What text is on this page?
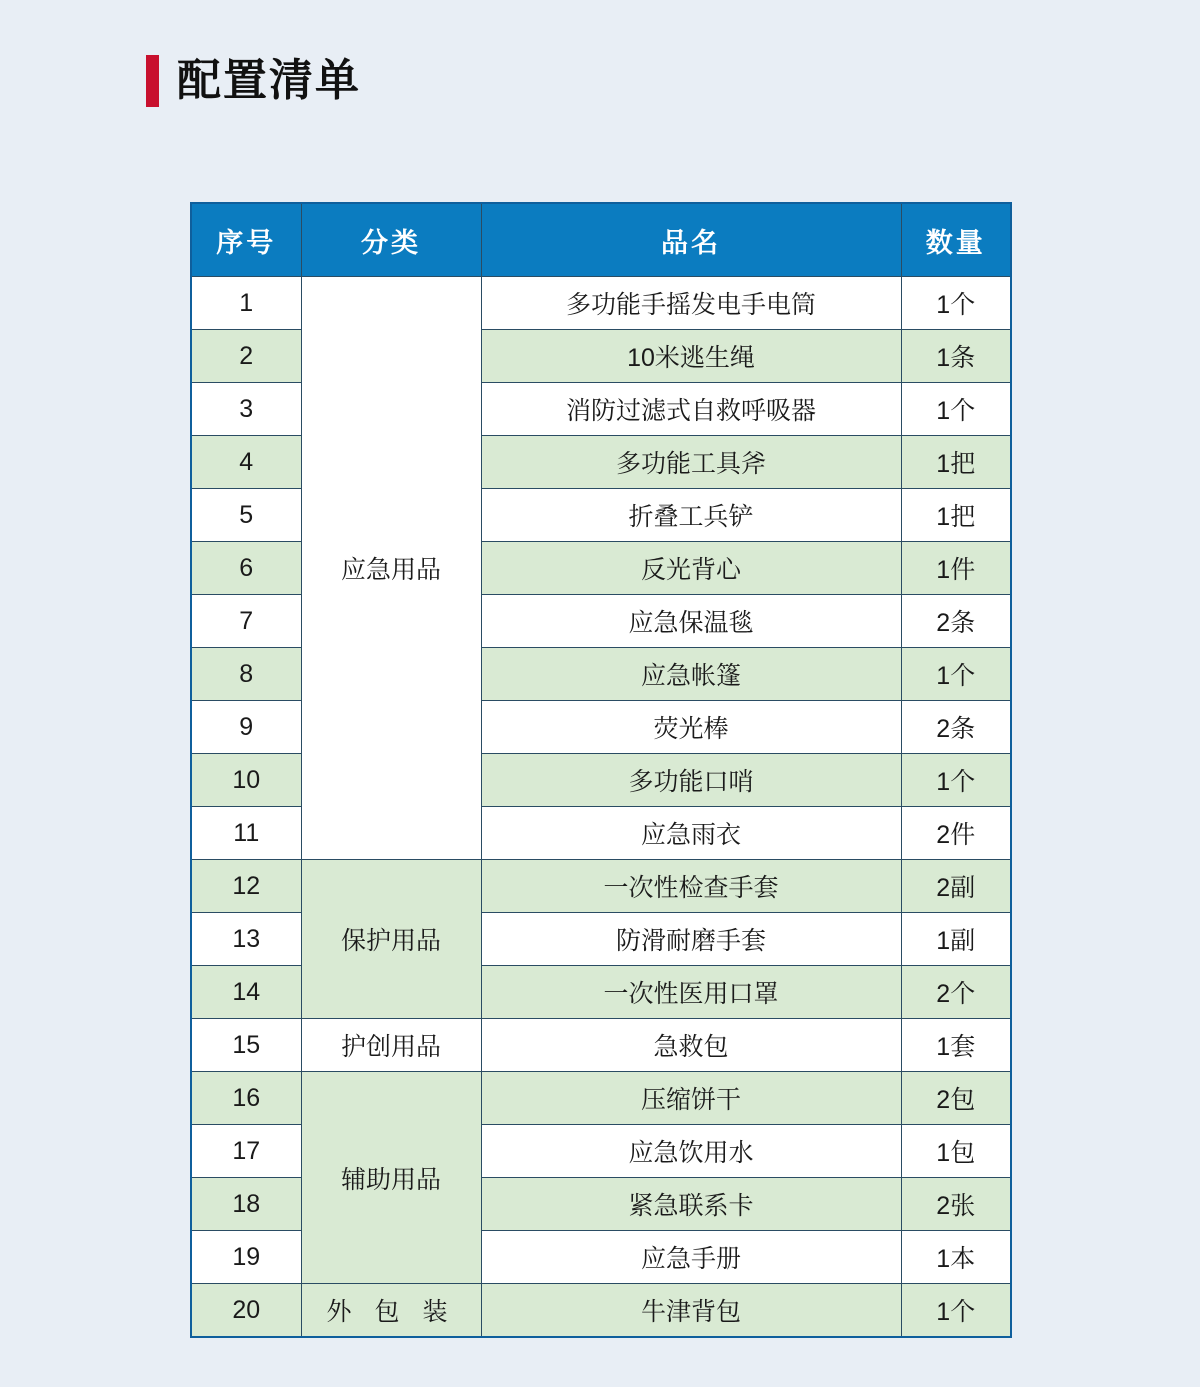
配置清单
序号	分类	品名	数量
1	应急用品	多功能手摇发电手电筒	1个
2		10米逃生绳	1条
3		消防过滤式自救呼吸器	1个
4		多功能工具斧	1把
5		折叠工兵铲	1把
6		反光背心	1件
7		应急保温毯	2条
8		应急帐篷	1个
9		荧光棒	2条
10		多功能口哨	1个
11		应急雨衣	2件
12	保护用品	一次性检查手套	2副
13		防滑耐磨手套	1副
14		一次性医用口罩	2个
15	护创用品	急救包	1套
16	辅助用品	压缩饼干	2包
17		应急饮用水	1包
18		紧急联系卡	2张
19		应急手册	1本
20	外 包 装	牛津背包	1个
